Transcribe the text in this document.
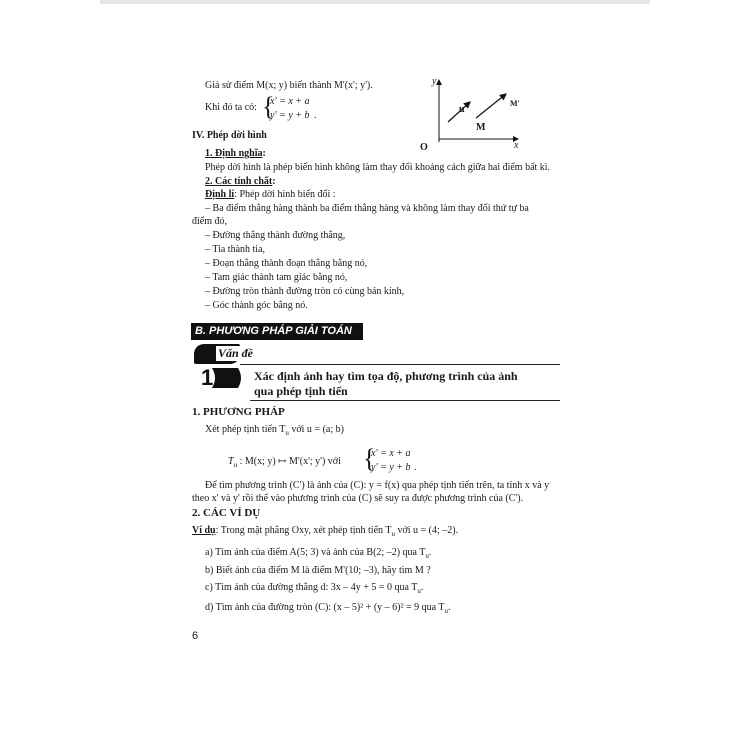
Giả sử điểm M(x; y) biến thành M'(x'; y').
Khi đó ta có: {
x' = x + a
y' = y + b .
y
x
O
u
M
M'
IV. Phép dời hình
1. Định nghĩa:
Phép dời hình là phép biến hình không làm thay đổi khoảng cách giữa hai điểm bất kì.
2. Các tính chất:
Định lí: Phép dời hình biến đổi :
– Ba điểm thẳng hàng thành ba điểm thẳng hàng và không làm thay đổi thứ tự ba
điểm đó,
– Đường thẳng thành đường thẳng,
– Tia thành tia,
– Đoạn thẳng thành đoạn thẳng bằng nó,
– Tam giác thành tam giác bằng nó,
– Đường tròn thành đường tròn có cùng bán kính,
– Góc thành góc bằng nó.
B. PHƯƠNG PHÁP GIẢI TOÁN
Vấn đề
1	Xác định ảnh hay tìm tọa độ, phương trình của ảnh
qua phép tịnh tiến
1. PHƯƠNG PHÁP
Xét phép tịnh tiến $T_u$ với u = (a; b)
$T_u$ : M(x; y) ↦ M'(x'; y') với {
x' = x + a
y' = y + b .
Để tìm phương trình (C') là ảnh của (C): y = f(x) qua phép tịnh tiến trên, ta tính x và y
theo x' và y' rồi thế vào phương trình của (C) sẽ suy ra được phương trình của (C').
2. CÁC VÍ DỤ
Ví dụ: Trong mặt phẳng Oxy, xét phép tịnh tiến $T_u$ với u = (4; –2).
a) Tìm ảnh của điểm A(5; 3) và ảnh của B(2; –2) qua $T_u$.
b) Biết ảnh của điểm M là điểm M'(10; –3), hãy tìm M ?
c) Tìm ảnh của đường thẳng d: 3x – 4y + 5 = 0 qua $T_u$.
d) Tìm ảnh của đường tròn (C): (x – 5)² + (y – 6)² = 9 qua $T_u$.
6
